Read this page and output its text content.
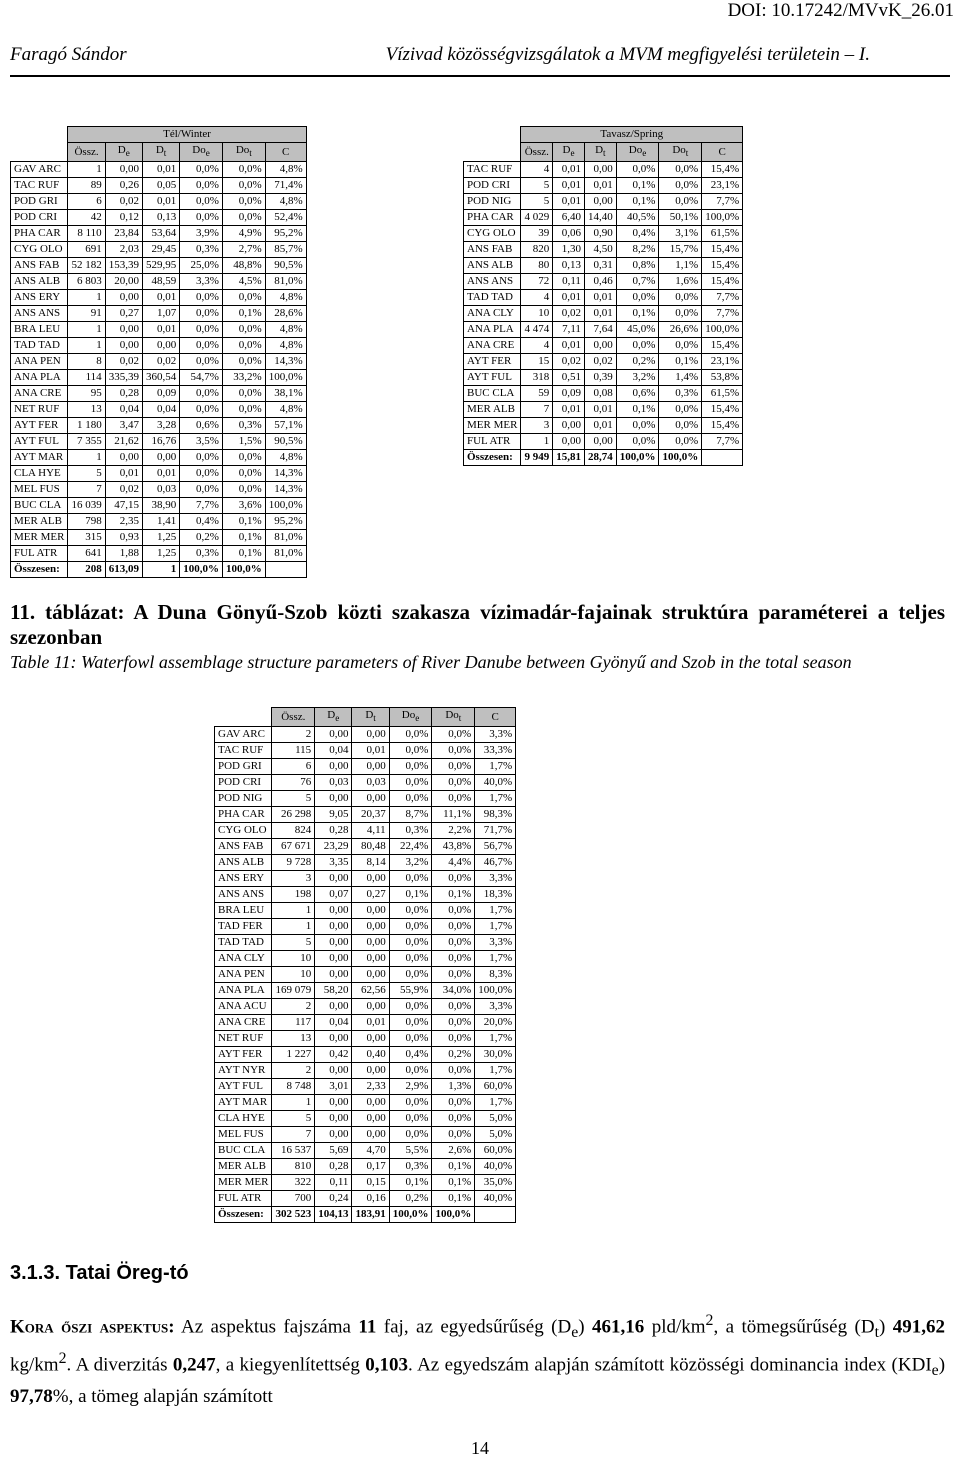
DOI: 10.17242/MVvK_26.01
Faragó Sándor	Vízivad közösségvizsgálatok a MVM megfigyelési területein – I.
	Tél/Winter					
	Össz.	$D_e$	$D_t$	$Do_e$	$Do_t$	C
GAV ARC	1	0,00	0,01	0,0%	0,0%	4,8%
TAC RUF	89	0,26	0,05	0,0%	0,0%	71,4%
POD GRI	6	0,02	0,01	0,0%	0,0%	4,8%
POD CRI	42	0,12	0,13	0,0%	0,0%	52,4%
PHA CAR	8 110	23,84	53,64	3,9%	4,9%	95,2%
CYG OLO	691	2,03	29,45	0,3%	2,7%	85,7%
ANS FAB	52 182	153,39	529,95	25,0%	48,8%	90,5%
ANS ALB	6 803	20,00	48,59	3,3%	4,5%	81,0%
ANS ERY	1	0,00	0,01	0,0%	0,0%	4,8%
ANS ANS	91	0,27	1,07	0,0%	0,1%	28,6%
BRA LEU	1	0,00	0,01	0,0%	0,0%	4,8%
TAD TAD	1	0,00	0,00	0,0%	0,0%	4,8%
ANA PEN	8	0,02	0,02	0,0%	0,0%	14,3%
ANA PLA	114	335,39	360,54	54,7%	33,2%	100,0%
ANA CRE	95	0,28	0,09	0,0%	0,0%	38,1%
NET RUF	13	0,04	0,04	0,0%	0,0%	4,8%
AYT FER	1 180	3,47	3,28	0,6%	0,3%	57,1%
AYT FUL	7 355	21,62	16,76	3,5%	1,5%	90,5%
AYT MAR	1	0,00	0,00	0,0%	0,0%	4,8%
CLA HYE	5	0,01	0,01	0,0%	0,0%	14,3%
MEL FUS	7	0,02	0,03	0,0%	0,0%	14,3%
BUC CLA	16 039	47,15	38,90	7,7%	3,6%	100,0%
MER ALB	798	2,35	1,41	0,4%	0,1%	95,2%
MER MER	315	0,93	1,25	0,2%	0,1%	81,0%
FUL ATR	641	1,88	1,25	0,3%	0,1%	81,0%
Összesen:	208	613,09	1	100,0%	100,0%	
	Tavasz/Spring					
	Össz.	$D_e$	$D_t$	$Do_e$	$Do_t$	C
TAC RUF	4	0,01	0,00	0,0%	0,0%	15,4%
POD CRI	5	0,01	0,01	0,1%	0,0%	23,1%
POD NIG	5	0,01	0,00	0,1%	0,0%	7,7%
PHA CAR	4 029	6,40	14,40	40,5%	50,1%	100,0%
CYG OLO	39	0,06	0,90	0,4%	3,1%	61,5%
ANS FAB	820	1,30	4,50	8,2%	15,7%	15,4%
ANS ALB	80	0,13	0,31	0,8%	1,1%	15,4%
ANS ANS	72	0,11	0,46	0,7%	1,6%	15,4%
TAD TAD	4	0,01	0,01	0,0%	0,0%	7,7%
ANA CLY	10	0,02	0,01	0,1%	0,0%	7,7%
ANA PLA	4 474	7,11	7,64	45,0%	26,6%	100,0%
ANA CRE	4	0,01	0,00	0,0%	0,0%	15,4%
AYT FER	15	0,02	0,02	0,2%	0,1%	23,1%
AYT FUL	318	0,51	0,39	3,2%	1,4%	53,8%
BUC CLA	59	0,09	0,08	0,6%	0,3%	61,5%
MER ALB	7	0,01	0,01	0,1%	0,0%	15,4%
MER MER	3	0,00	0,01	0,0%	0,0%	15,4%
FUL ATR	1	0,00	0,00	0,0%	0,0%	7,7%
Összesen:	9 949	15,81	28,74	100,0%	100,0%	
11. táblázat: A Duna Gönyű-Szob közti szakasza vízimadár-fajainak struktúra paraméterei a teljes szezonban
Table 11: Waterfowl assemblage structure parameters of River Danube between Gyönyű and Szob in the total season
	Össz.	$D_e$	$D_t$	$Do_e$	$Do_t$	C
GAV ARC	2	0,00	0,00	0,0%	0,0%	3,3%
TAC RUF	115	0,04	0,01	0,0%	0,0%	33,3%
POD GRI	6	0,00	0,00	0,0%	0,0%	1,7%
POD CRI	76	0,03	0,03	0,0%	0,0%	40,0%
POD NIG	5	0,00	0,00	0,0%	0,0%	1,7%
PHA CAR	26 298	9,05	20,37	8,7%	11,1%	98,3%
CYG OLO	824	0,28	4,11	0,3%	2,2%	71,7%
ANS FAB	67 671	23,29	80,48	22,4%	43,8%	56,7%
ANS ALB	9 728	3,35	8,14	3,2%	4,4%	46,7%
ANS ERY	3	0,00	0,00	0,0%	0,0%	3,3%
ANS ANS	198	0,07	0,27	0,1%	0,1%	18,3%
BRA LEU	1	0,00	0,00	0,0%	0,0%	1,7%
TAD FER	1	0,00	0,00	0,0%	0,0%	1,7%
TAD TAD	5	0,00	0,00	0,0%	0,0%	3,3%
ANA CLY	10	0,00	0,00	0,0%	0,0%	1,7%
ANA PEN	10	0,00	0,00	0,0%	0,0%	8,3%
ANA PLA	169 079	58,20	62,56	55,9%	34,0%	100,0%
ANA ACU	2	0,00	0,00	0,0%	0,0%	3,3%
ANA CRE	117	0,04	0,01	0,0%	0,0%	20,0%
NET RUF	13	0,00	0,00	0,0%	0,0%	1,7%
AYT FER	1 227	0,42	0,40	0,4%	0,2%	30,0%
AYT NYR	2	0,00	0,00	0,0%	0,0%	1,7%
AYT FUL	8 748	3,01	2,33	2,9%	1,3%	60,0%
AYT MAR	1	0,00	0,00	0,0%	0,0%	1,7%
CLA HYE	5	0,00	0,00	0,0%	0,0%	5,0%
MEL FUS	7	0,00	0,00	0,0%	0,0%	5,0%
BUC CLA	16 537	5,69	4,70	5,5%	2,6%	60,0%
MER ALB	810	0,28	0,17	0,3%	0,1%	40,0%
MER MER	322	0,11	0,15	0,1%	0,1%	35,0%
FUL ATR	700	0,24	0,16	0,2%	0,1%	40,0%
Összesen:	302 523	104,13	183,91	100,0%	100,0%	
3.1.3. Tatai Öreg-tó
Kora őszi aspektus: Az aspektus fajszáma 11 faj, az egyedsűrűség $(D_e)$ 461,16 pld/$km^2$, a tömegsűrűség $(D_t)$ 491,62 $kg/km^2$. A diverzitás 0,247, a kiegyenlítettség 0,103. Az egyedszám alapján számított közösségi dominancia index $(KDI_e)$ 97,78%, a tömeg alapján számított
14
